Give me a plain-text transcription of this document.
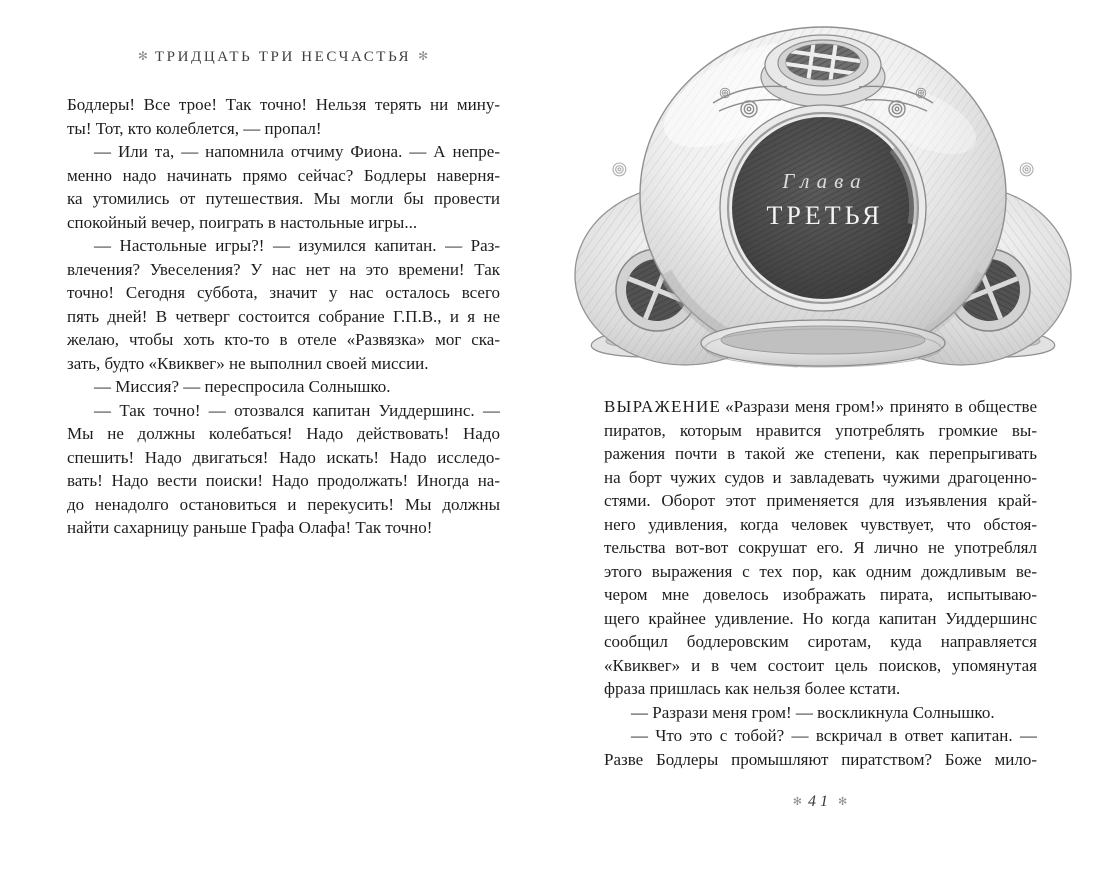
✻ ТРИДЦАТЬ ТРИ НЕСЧАСТЬЯ ✻
Бодлеры! Все трое! Так точно! Нельзя терять ни мину-
ты! Тот, кто колеблется, — пропал!
— Или та, — напомнила отчиму Фиона. — А непре-
менно надо начинать прямо сейчас? Бодлеры наверня-
ка утомились от путешествия. Мы могли бы провести
спокойный вечер, поиграть в настольные игры...
— Настольные игры?! — изумился капитан. — Раз-
влечения? Увеселения? У нас нет на это времени! Так
точно! Сегодня суббота, значит у нас осталось всего
пять дней! В четверг состоится собрание Г.П.В., и я не
желаю, чтобы хоть кто-то в отеле «Развязка» мог ска-
зать, будто «Квиквег» не выполнил своей миссии.
— Миссия? — переспросила Солнышко.
— Так точно! — отозвался капитан Уиддершинс. —
Мы не должны колебаться! Надо действовать! Надо
спешить! Надо двигаться! Надо искать! Надо исследо-
вать! Надо вести поиски! Надо продолжать! Иногда на-
до ненадолго остановиться и перекусить! Мы должны
найти сахарницу раньше Графа Олафа! Так точно!
Глава
ТРЕТЬЯ
ВЫРАЖЕНИЕ «Разрази меня гром!» принято в обществе
пиратов, которым нравится употреблять громкие вы-
ражения почти в такой же степени, как перепрыгивать
на борт чужих судов и завладевать чужими драгоценно-
стями. Оборот этот применяется для изъявления край-
него удивления, когда человек чувствует, что обстоя-
тельства вот-вот сокрушат его. Я лично не употреблял
этого выражения с тех пор, как одним дождливым ве-
чером мне довелось изображать пирата, испытываю-
щего крайнее удивление. Но когда капитан Уиддершинс
сообщил бодлеровским сиротам, куда направляется
«Квиквег» и в чем состоит цель поисков, упомянутая
фраза пришлась как нельзя более кстати.
— Разрази меня гром! — воскликнула Солнышко.
— Что это с тобой? — вскричал в ответ капитан. —
Разве Бодлеры промышляют пиратством? Боже мило-
✻ 41 ✻
